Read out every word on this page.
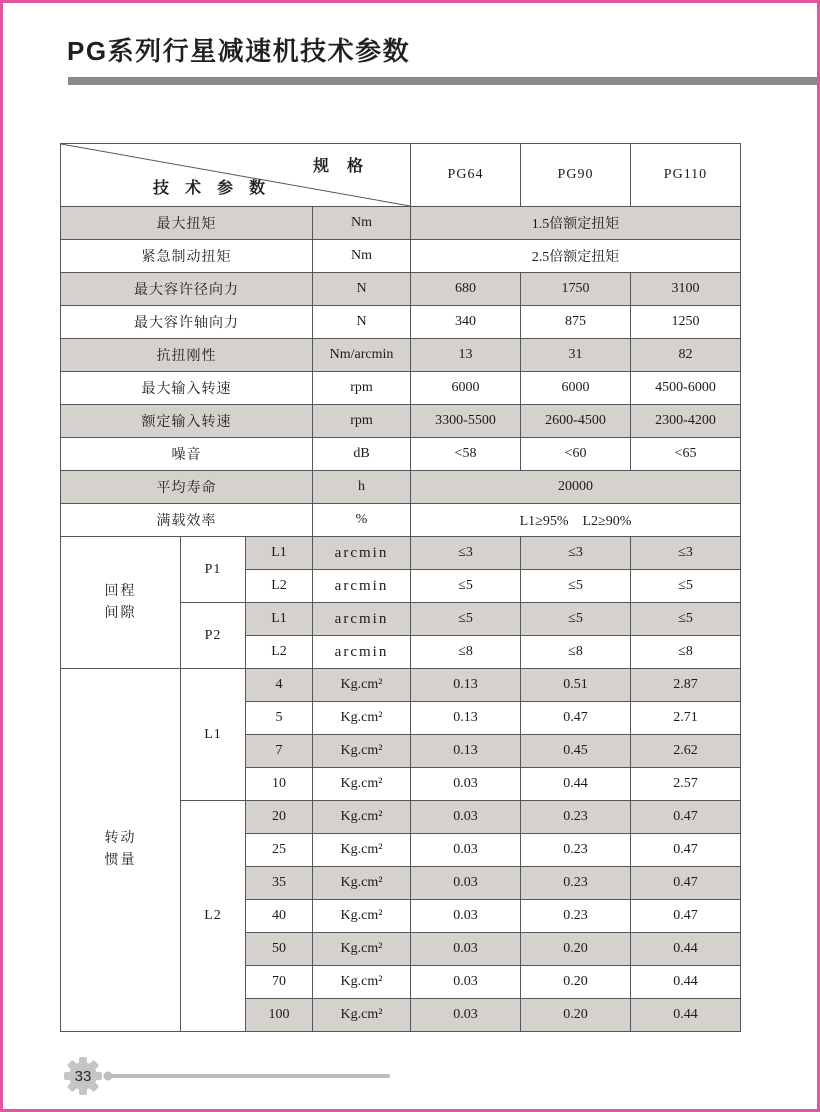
PG系列行星减速机技术参数
规 格
技 术 参 数				PG64	PG90	PG110
最大扭矩			Nm	1.5倍额定扭矩		
紧急制动扭矩			Nm	2.5倍额定扭矩		
最大容许径向力			N	680	1750	3100
最大容许轴向力			N	340	875	1250
抗扭刚性			Nm/arcmin	13	31	82
最大输入转速			rpm	6000	6000	4500-6000
额定输入转速			rpm	3300-5500	2600-4500	2300-4200
噪音			dB	<58	<60	<65
平均寿命			h	20000		
满载效率			%	L1≥95%　L2≥90%		

回程
间隙	P1	L1	arcmin	≤3	≤3	≤3
		L2	arcmin	≤5	≤5	≤5
	P2	L1	arcmin	≤5	≤5	≤5
		L2	arcmin	≤8	≤8	≤8

转动
惯量	L1	4	Kg.cm²	0.13	0.51	2.87
		5	Kg.cm²	0.13	0.47	2.71
		7	Kg.cm²	0.13	0.45	2.62
		10	Kg.cm²	0.03	0.44	2.57
	L2	20	Kg.cm²	0.03	0.23	0.47
		25	Kg.cm²	0.03	0.23	0.47
		35	Kg.cm²	0.03	0.23	0.47
		40	Kg.cm²	0.03	0.23	0.47
		50	Kg.cm²	0.03	0.20	0.44
		70	Kg.cm²	0.03	0.20	0.44
		100	Kg.cm²	0.03	0.20	0.44
33
